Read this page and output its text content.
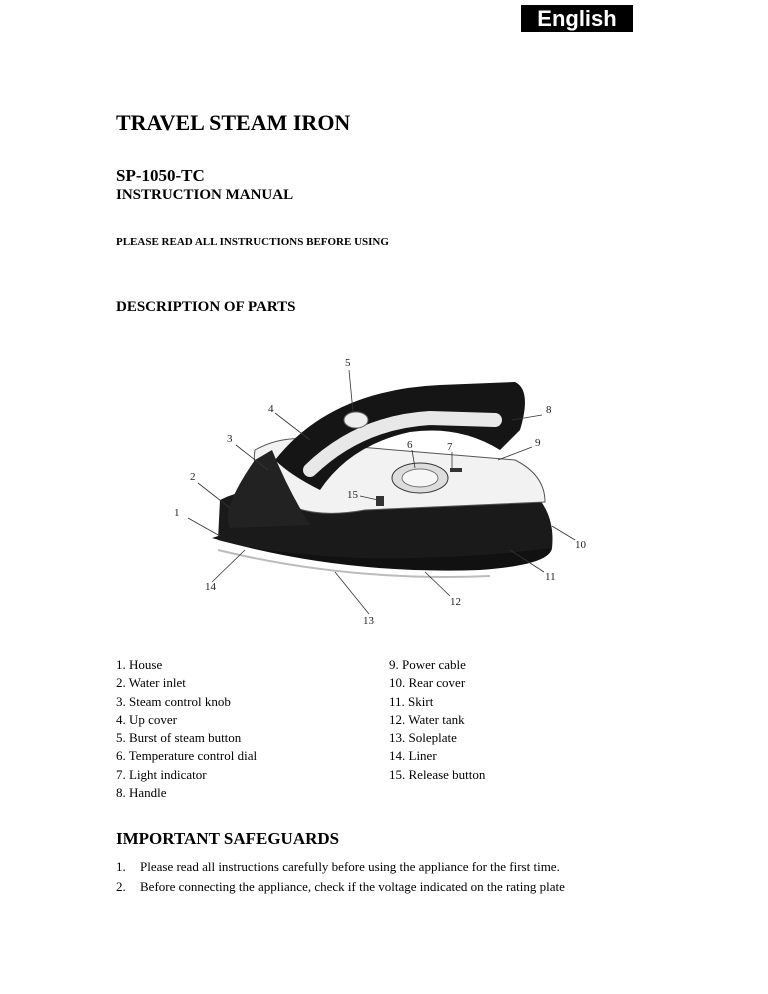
English
TRAVEL STEAM IRON
SP-1050-TC
INSTRUCTION MANUAL
PLEASE READ ALL INSTRUCTIONS BEFORE USING
DESCRIPTION OF PARTS
1
2
3
4
5
6	7
8
9
10
11
12
13
14
15
1. House
2. Water inlet
3. Steam control knob
4. Up cover
5. Burst of steam button
6. Temperature control dial
7. Light indicator
8. Handle
9. Power cable
10. Rear cover
11. Skirt
12. Water tank
13. Soleplate
14. Liner
15. Release button
IMPORTANT SAFEGUARDS
1. Please read all instructions carefully before using the appliance for the first time.
2. Before connecting the appliance, check if the voltage indicated on the rating plate
